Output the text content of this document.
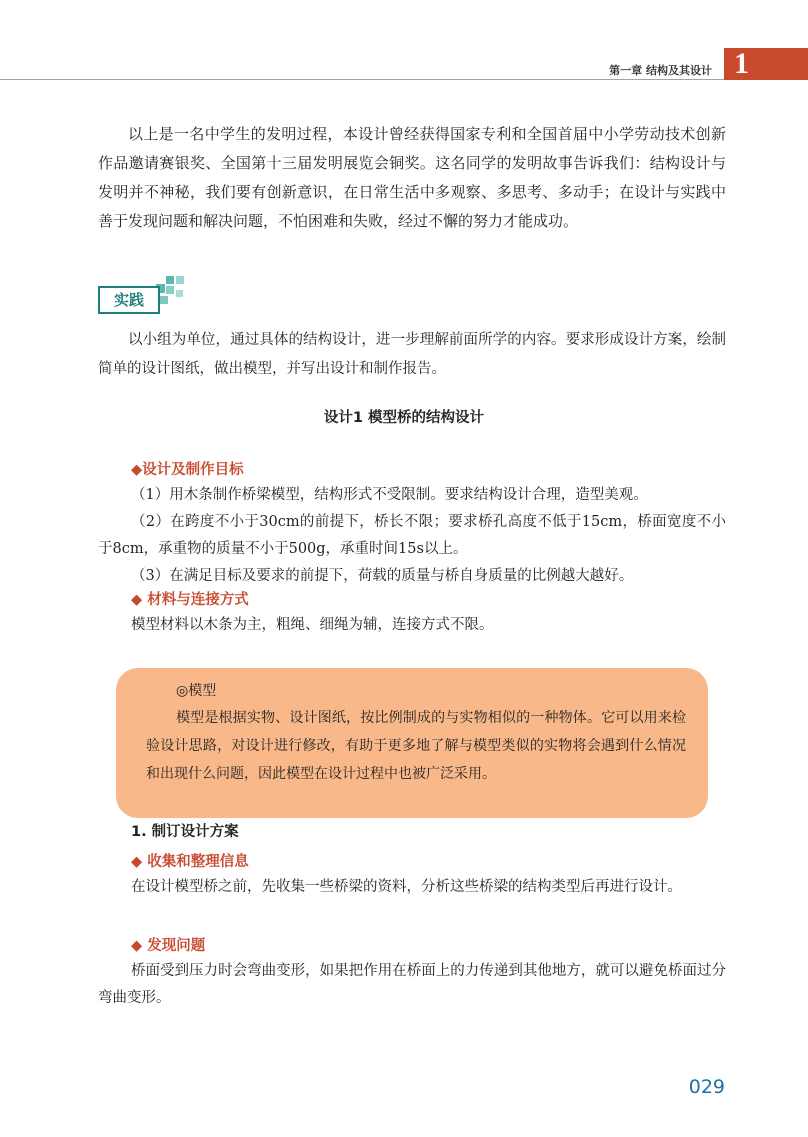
第一章 结构及其设计 1

以上是一名中学生的发明过程，本设计曾经获得国家专利和全国首届中小学劳动技术创新作品邀请赛银奖、全国第十三届发明展览会铜奖。这名同学的发明故事告诉我们：结构设计与发明并不神秘，我们要有创新意识，在日常生活中多观察、多思考、多动手；在设计与实践中善于发现问题和解决问题，不怕困难和失败，经过不懈的努力才能成功。

实践

以小组为单位，通过具体的结构设计，进一步理解前面所学的内容。要求形成设计方案，绘制简单的设计图纸，做出模型，并写出设计和制作报告。

设计1 模型桥的结构设计
◆设计及制作目标

（1）用木条制作桥梁模型，结构形式不受限制。要求结构设计合理，造型美观。

（2）在跨度不小于30cm的前提下，桥长不限；要求桥孔高度不低于15cm，桥面宽度不小于8cm，承重物的质量不小于500g，承重时间15s以上。

（3）在满足目标及要求的前提下，荷载的质量与桥自身质量的比例越大越好。

◆ 材料与连接方式

模型材料以木条为主，粗绳、细绳为辅，连接方式不限。

◎模型

模型是根据实物、设计图纸，按比例制成的与实物相似的一种物体。它可以用来检验设计思路，对设计进行修改，有助于更多地了解与模型类似的实物将会遇到什么情况和出现什么问题，因此模型在设计过程中也被广泛采用。

1. 制订设计方案
◆ 收集和整理信息

在设计模型桥之前，先收集一些桥梁的资料，分析这些桥梁的结构类型后再进行设计。

◆ 发现问题

桥面受到压力时会弯曲变形，如果把作用在桥面上的力传递到其他地方，就可以避免桥面过分弯曲变形。

029
